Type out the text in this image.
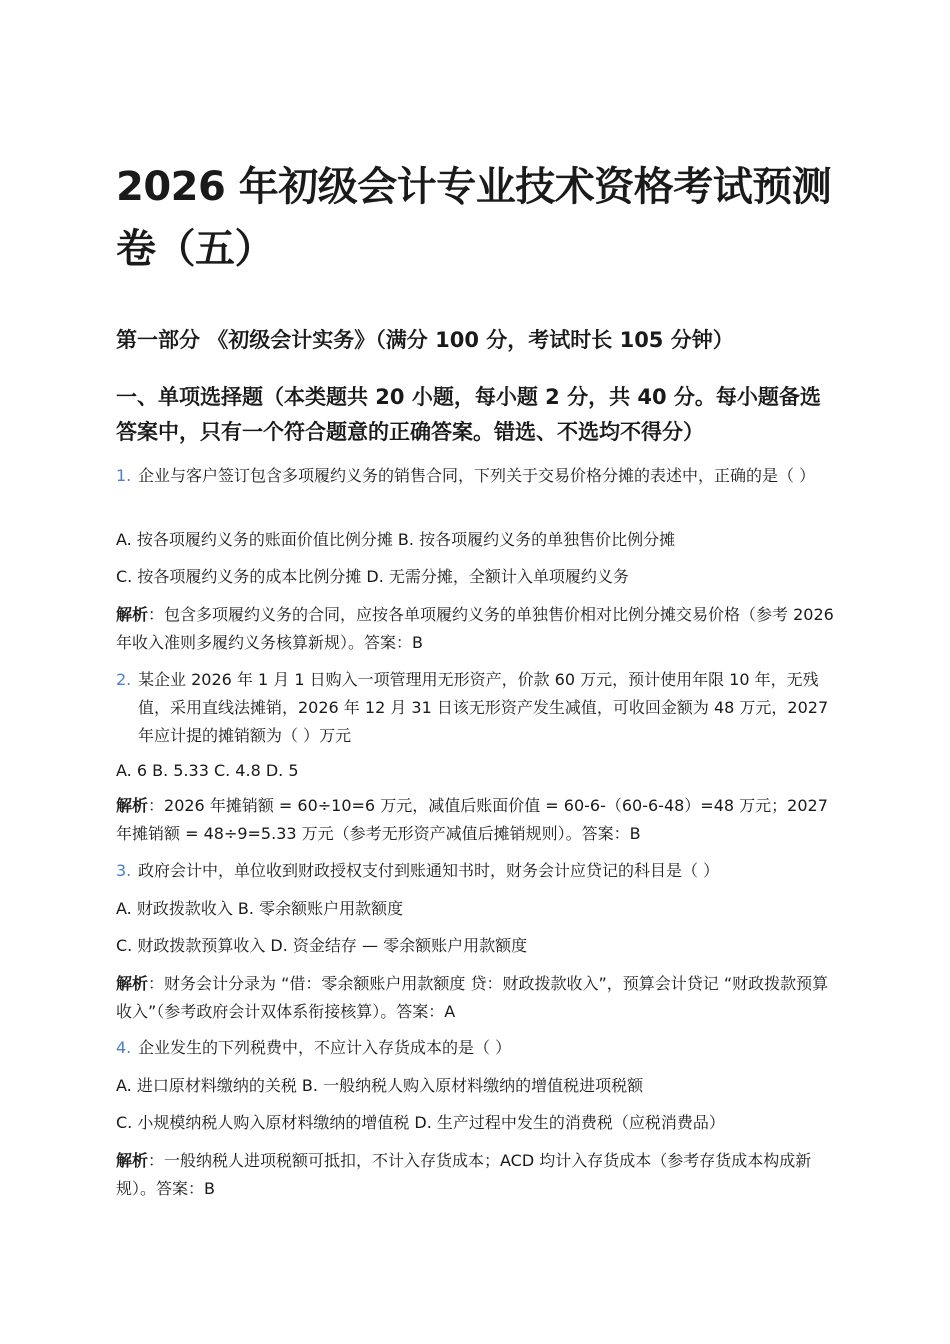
2026 年初级会计专业技术资格考试预测卷（五）
第一部分 《初级会计实务》（满分 100 分，考试时长 105 分钟）
一、单项选择题（本类题共 20 小题，每小题 2 分，共 40 分。每小题备选答案中，只有一个符合题意的正确答案。错选、不选均不得分）
1. 企业与客户签订包含多项履约义务的销售合同，下列关于交易价格分摊的表述中，正确的是（ ）
A. 按各项履约义务的账面价值比例分摊 B. 按各项履约义务的单独售价比例分摊
C. 按各项履约义务的成本比例分摊 D. 无需分摊，全额计入单项履约义务
解析：包含多项履约义务的合同，应按各单项履约义务的单独售价相对比例分摊交易价格（参考 2026 年收入准则多履约义务核算新规）。答案：B
2. 某企业 2026 年 1 月 1 日购入一项管理用无形资产，价款 60 万元，预计使用年限 10 年，无残值，采用直线法摊销，2026 年 12 月 31 日该无形资产发生减值，可收回金额为 48 万元，2027 年应计提的摊销额为（ ）万元
A. 6 B. 5.33 C. 4.8 D. 5
解析：2026 年摊销额 = 60÷10=6 万元，减值后账面价值 = 60-6-（60-6-48）=48 万元；2027 年摊销额 = 48÷9=5.33 万元（参考无形资产减值后摊销规则）。答案：B
3. 政府会计中，单位收到财政授权支付到账通知书时，财务会计应贷记的科目是（ ）
A. 财政拨款收入 B. 零余额账户用款额度
C. 财政拨款预算收入 D. 资金结存 — 零余额账户用款额度
解析：财务会计分录为 “借：零余额账户用款额度 贷：财政拨款收入”，预算会计贷记 “财政拨款预算收入”（参考政府会计双体系衔接核算）。答案：A
4. 企业发生的下列税费中，不应计入存货成本的是（ ）
A. 进口原材料缴纳的关税 B. 一般纳税人购入原材料缴纳的增值税进项税额
C. 小规模纳税人购入原材料缴纳的增值税 D. 生产过程中发生的消费税（应税消费品）
解析：一般纳税人进项税额可抵扣，不计入存货成本；ACD 均计入存货成本（参考存货成本构成新规）。答案：B
